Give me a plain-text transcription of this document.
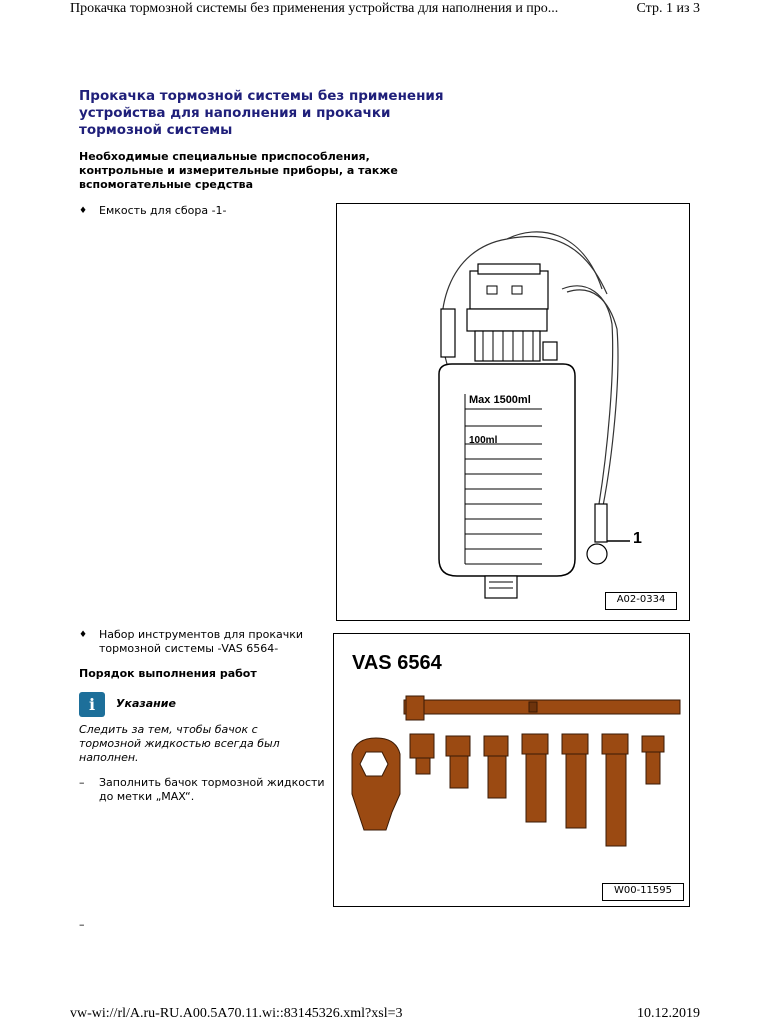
Прокачка тормозной системы без применения устройства для наполнения и про...	Стр. 1 из 3
Прокачка тормозной системы без применения
устройства для наполнения и прокачки
тормозной системы
Необходимые специальные приспособления,
контрольные и измерительные приборы, а также
вспомогательные средства
♦ Емкость для сбора -1-
Max 1500ml
100ml
1
A02-0334
♦ Набор инструментов для прокачки
тормозной системы -VAS 6564-
Порядок выполнения работ
i	Указание
Следить за тем, чтобы бачок с
тормозной жидкостью всегда был
наполнен.
– Заполнить бачок тормозной жидкости
до метки „MAX“.
–
VAS 6564
W00-11595
vw-wi://rl/A.ru-RU.A00.5A70.11.wi::83145326.xml?xsl=3	10.12.2019
